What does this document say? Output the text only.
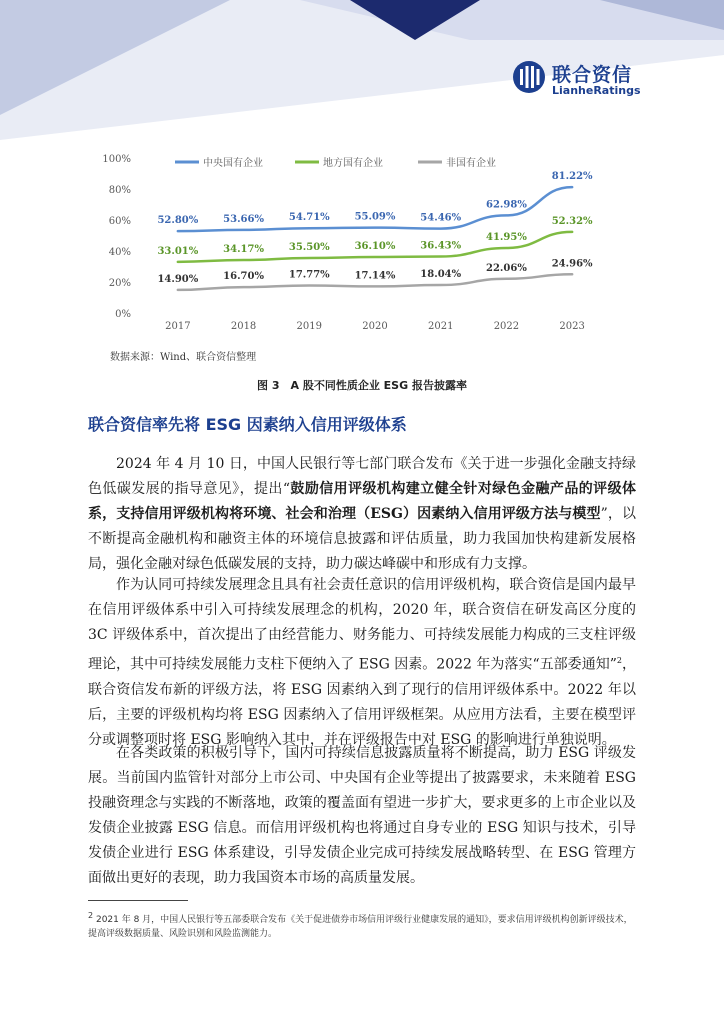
联合资信
LianheRatings
0%
20%
40%
60%
80%
100%
2017	2018	2019	2020	2021	2022	2023
中央国有企业	地方国有企业	非国有企业
52.80% 53.66% 54.71% 55.09% 54.46%
62.98%
81.22%
33.01% 34.17% 35.50% 36.10% 36.43%
41.95%
52.32%
14.90% 16.70% 17.77% 17.14% 18.04%
22.06% 24.96%
数据来源：Wind、联合资信整理
图 3　A 股不同性质企业 ESG 报告披露率
联合资信率先将 ESG 因素纳入信用评级体系

2024 年 4 月 10 日，中国人民银行等七部门联合发布《关于进一步强化金融支持绿色低碳发展的指导意见》，提出“鼓励信用评级机构建立健全针对绿色金融产品的评级体系，支持信用评级机构将环境、社会和治理（ESG）因素纳入信用评级方法与模型”，以不断提高金融机构和融资主体的环境信息披露和评估质量，助力我国加快构建新发展格局，强化金融对绿色低碳发展的支持，助力碳达峰碳中和形成有力支撑。

作为认同可持续发展理念且具有社会责任意识的信用评级机构，联合资信是国内最早在信用评级体系中引入可持续发展理念的机构，2020 年，联合资信在研发高区分度的 3C 评级体系中，首次提出了由经营能力、财务能力、可持续发展能力构成的三支柱评级理论，其中可持续发展能力支柱下便纳入了 ESG 因素。2022 年为落实“五部委通知”$^2$，联合资信发布新的评级方法，将 ESG 因素纳入到了现行的信用评级体系中。2022 年以后，主要的评级机构均将 ESG 因素纳入了信用评级框架。从应用方法看，主要在模型评分或调整项时将 ESG 影响纳入其中，并在评级报告中对 ESG 的影响进行单独说明。

在各类政策的积极引导下，国内可持续信息披露质量将不断提高，助力 ESG 评级发展。当前国内监管针对部分上市公司、中央国有企业等提出了披露要求，未来随着 ESG 投融资理念与实践的不断落地，政策的覆盖面有望进一步扩大，要求更多的上市企业以及发债企业披露 ESG 信息。而信用评级机构也将通过自身专业的 ESG 知识与技术，引导发债企业进行 ESG 体系建设，引导发债企业完成可持续发展战略转型、在 ESG 管理方面做出更好的表现，助力我国资本市场的高质量发展。

$^2$ 2021 年 8 月，中国人民银行等五部委联合发布《关于促进债券市场信用评级行业健康发展的通知》，要求信用评级机构创新评级技术，提高评级数据质量、风险识别和风险监测能力。
